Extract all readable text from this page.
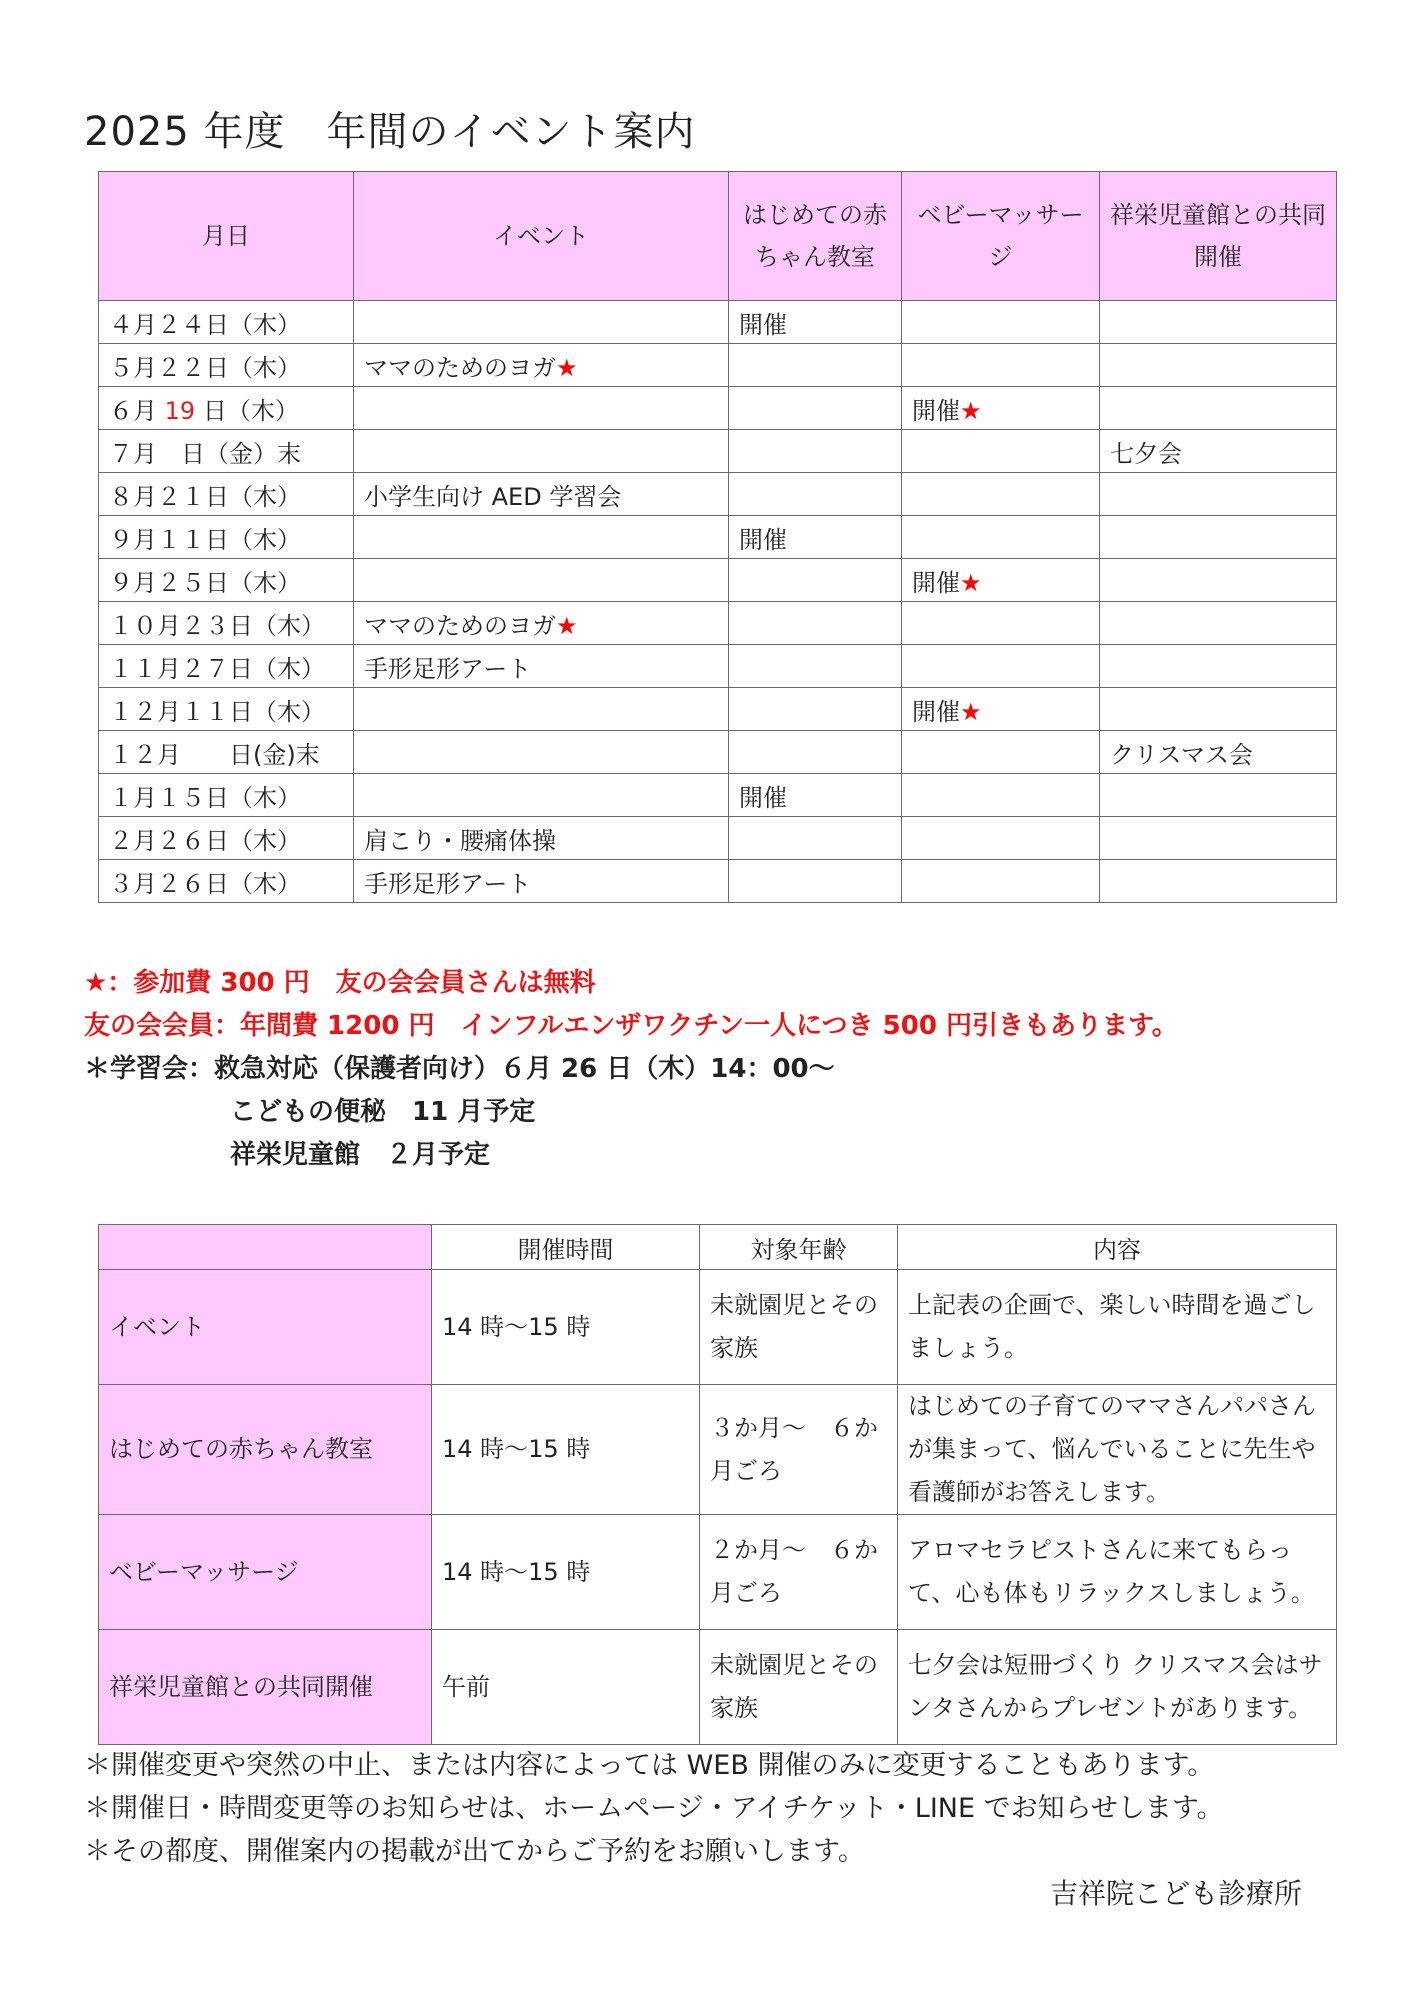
2025 年度　年間のイベント案内
月日	イベント	はじめての赤ちゃん教室	ベビーマッサージ	祥栄児童館との共同開催
４月２４日（木）		開催		
５月２２日（木）	ママのためのヨガ★			
６月 19 日（木）			開催★	
７月　日（金）末				七夕会
８月２１日（木）	小学生向け AED 学習会			
９月１１日（木）		開催		
９月２５日（木）			開催★	
１０月２３日（木）	ママのためのヨガ★			
１１月２７日（木）	手形足形アート			
１２月１１日（木）			開催★	
１２月　　日(金)末				クリスマス会
１月１５日（木）		開催		
２月２６日（木）	肩こり・腰痛体操			
３月２６日（木）	手形足形アート			
★：参加費 300 円　友の会会員さんは無料
友の会会員：年間費 1200 円　インフルエンザワクチン一人につき 500 円引きもあります。
＊学習会：救急対応（保護者向け）６月 26 日（木）14：00～
こどもの便秘　11 月予定
祥栄児童館　２月予定
	開催時間	対象年齢	内容
イベント	14 時～15 時	未就園児とその家族	上記表の企画で、楽しい時間を過ごしましょう。
はじめての赤ちゃん教室	14 時～15 時	３か月～　６か月ごろ	はじめての子育てのママさんパパさんが集まって、悩んでいることに先生や看護師がお答えします。
ベビーマッサージ	14 時～15 時	２か月～　６か月ごろ	アロマセラピストさんに来てもらって、心も体もリラックスしましょう。
祥栄児童館との共同開催	午前	未就園児とその家族	七夕会は短冊づくり クリスマス会はサンタさんからプレゼントがあります。
＊開催変更や突然の中止、または内容によっては WEB 開催のみに変更することもあります。
＊開催日・時間変更等のお知らせは、ホームページ・アイチケット・LINE でお知らせします。
＊その都度、開催案内の掲載が出てからご予約をお願いします。
吉祥院こども診療所
